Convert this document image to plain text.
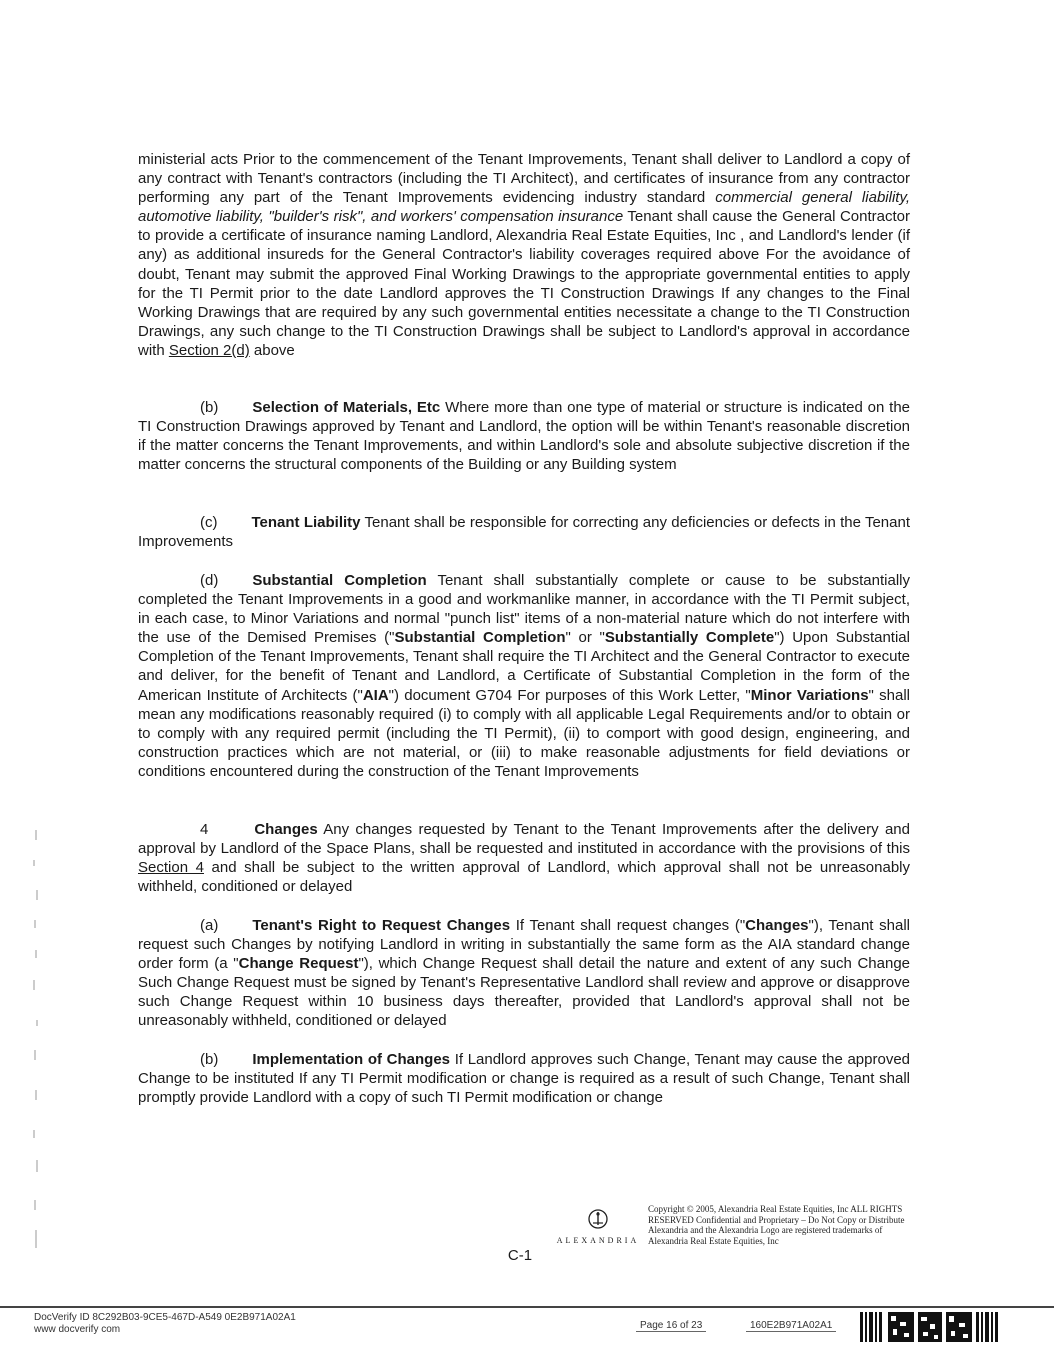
ministerial acts Prior to the commencement of the Tenant Improvements, Tenant shall deliver to Landlord a copy of any contract with Tenant's contractors (including the TI Architect), and certificates of insurance from any contractor performing any part of the Tenant Improvements evidencing industry standard commercial general liability, automotive liability, "builder's risk", and workers' compensation insurance Tenant shall cause the General Contractor to provide a certificate of insurance naming Landlord, Alexandria Real Estate Equities, Inc , and Landlord's lender (if any) as additional insureds for the General Contractor's liability coverages required above For the avoidance of doubt, Tenant may submit the approved Final Working Drawings to the appropriate governmental entities to apply for the TI Permit prior to the date Landlord approves the TI Construction Drawings If any changes to the Final Working Drawings that are required by any such governmental entities necessitate a change to the TI Construction Drawings, any such change to the TI Construction Drawings shall be subject to Landlord's approval in accordance with Section 2(d) above
(b) Selection of Materials, Etc Where more than one type of material or structure is indicated on the TI Construction Drawings approved by Tenant and Landlord, the option will be within Tenant's reasonable discretion if the matter concerns the Tenant Improvements, and within Landlord's sole and absolute subjective discretion if the matter concerns the structural components of the Building or any Building system
(c) Tenant Liability Tenant shall be responsible for correcting any deficiencies or defects in the Tenant Improvements
(d) Substantial Completion Tenant shall substantially complete or cause to be substantially completed the Tenant Improvements in a good and workmanlike manner, in accordance with the TI Permit subject, in each case, to Minor Variations and normal "punch list" items of a non-material nature which do not interfere with the use of the Demised Premises ("Substantial Completion" or "Substantially Complete") Upon Substantial Completion of the Tenant Improvements, Tenant shall require the TI Architect and the General Contractor to execute and deliver, for the benefit of Tenant and Landlord, a Certificate of Substantial Completion in the form of the American Institute of Architects ("AIA") document G704 For purposes of this Work Letter, "Minor Variations" shall mean any modifications reasonably required (i) to comply with all applicable Legal Requirements and/or to obtain or to comply with any required permit (including the TI Permit), (ii) to comport with good design, engineering, and construction practices which are not material, or (iii) to make reasonable adjustments for field deviations or conditions encountered during the construction of the Tenant Improvements
4	Changes Any changes requested by Tenant to the Tenant Improvements after the delivery and approval by Landlord of the Space Plans, shall be requested and instituted in accordance with the provisions of this Section 4 and shall be subject to the written approval of Landlord, which approval shall not be unreasonably withheld, conditioned or delayed
(a) Tenant's Right to Request Changes If Tenant shall request changes ("Changes"), Tenant shall request such Changes by notifying Landlord in writing in substantially the same form as the AIA standard change order form (a "Change Request"), which Change Request shall detail the nature and extent of any such Change Such Change Request must be signed by Tenant's Representative Landlord shall review and approve or disapprove such Change Request within 10 business days thereafter, provided that Landlord's approval shall not be unreasonably withheld, conditioned or delayed
(b) Implementation of Changes If Landlord approves such Change, Tenant may cause the approved Change to be instituted If any TI Permit modification or change is required as a result of such Change, Tenant shall promptly provide Landlord with a copy of such TI Permit modification or change
ALEXANDRIA
Copyright © 2005, Alexandria Real Estate Equities, Inc ALL RIGHTS RESERVED Confidential and Proprietary – Do Not Copy or Distribute Alexandria and the Alexandria Logo are registered trademarks of Alexandria Real Estate Equities, Inc
C-1
DocVerify ID 8C292B03-9CE5-467D-A549 0E2B971A02A1
www docverify com	Page 16 of 23	160E2B971A02A1
